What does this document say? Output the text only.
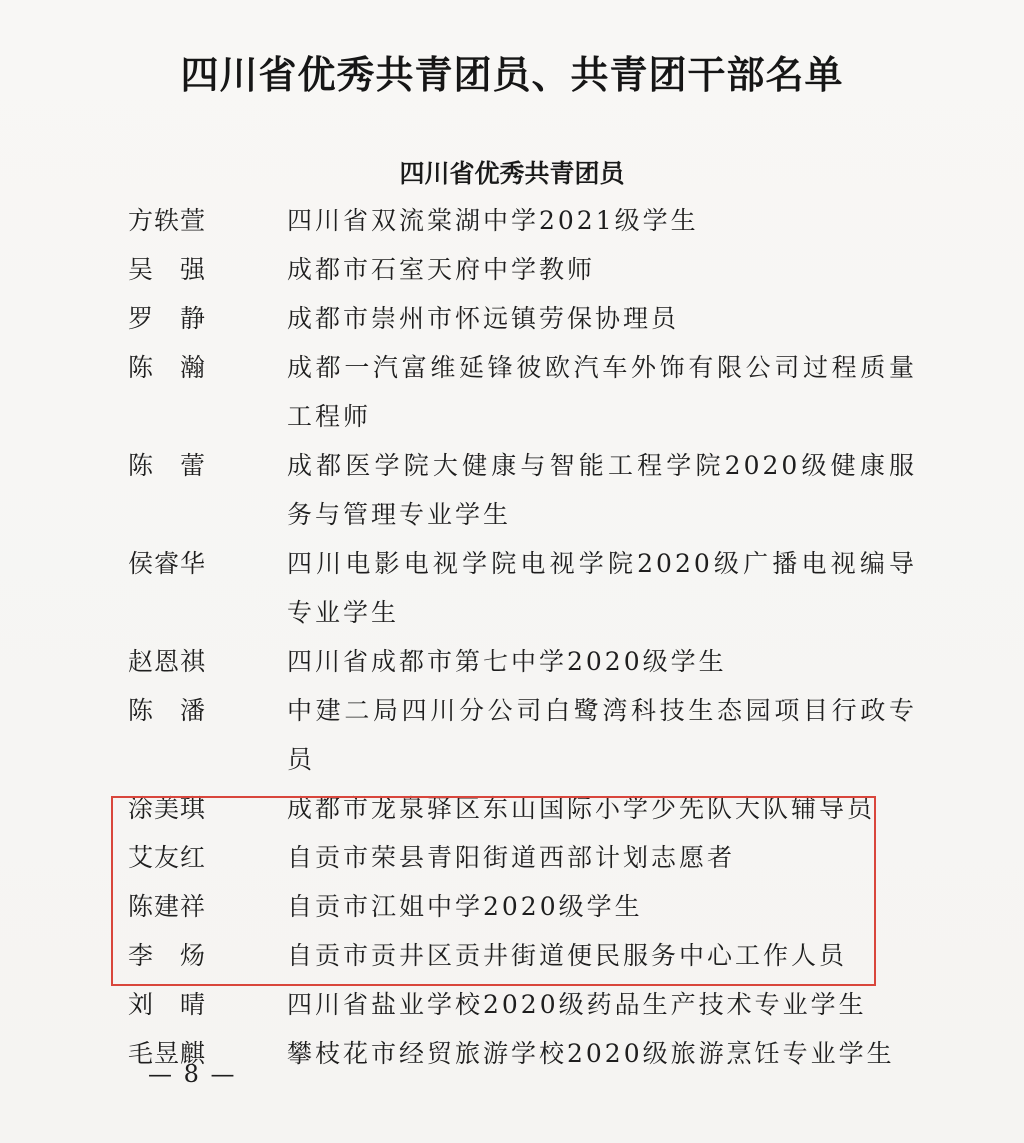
四川省优秀共青团员、共青团干部名单
四川省优秀共青团员
方轶萱	四川省双流棠湖中学2021级学生
吴　强	成都市石室天府中学教师
罗　静	成都市崇州市怀远镇劳保协理员
陈　瀚	成都一汽富维延锋彼欧汽车外饰有限公司过程质量工程师
陈　蕾	成都医学院大健康与智能工程学院2020级健康服务与管理专业学生
侯睿华	四川电影电视学院电视学院2020级广播电视编导专业学生
赵恩祺	四川省成都市第七中学2020级学生
陈　潘	中建二局四川分公司白鹭湾科技生态园项目行政专员
涂美琪	成都市龙泉驿区东山国际小学少先队大队辅导员
艾友红	自贡市荣县青阳街道西部计划志愿者
陈建祥	自贡市江姐中学2020级学生
李　炀	自贡市贡井区贡井街道便民服务中心工作人员
刘　晴	四川省盐业学校2020级药品生产技术专业学生
毛昱麒	攀枝花市经贸旅游学校2020级旅游烹饪专业学生
— 8 —
